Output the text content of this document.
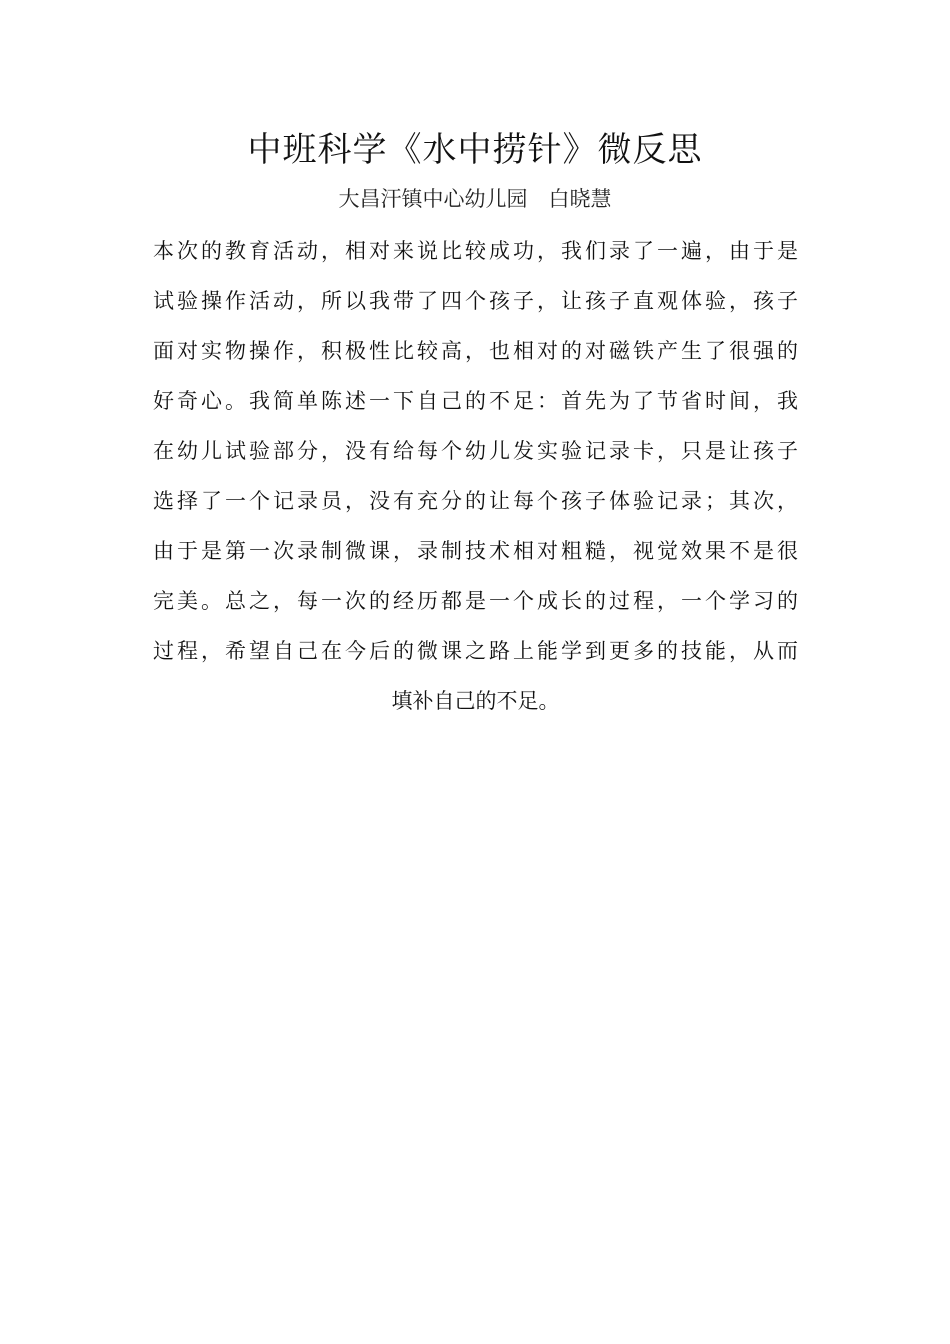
中班科学《水中捞针》微反思
大昌汗镇中心幼儿园　白晓慧
本次的教育活动，相对来说比较成功，我们录了一遍，由于是
试验操作活动，所以我带了四个孩子，让孩子直观体验，孩子
面对实物操作，积极性比较高，也相对的对磁铁产生了很强的
好奇心。我简单陈述一下自己的不足：首先为了节省时间，我
在幼儿试验部分，没有给每个幼儿发实验记录卡，只是让孩子
选择了一个记录员，没有充分的让每个孩子体验记录；其次，
由于是第一次录制微课，录制技术相对粗糙，视觉效果不是很
完美。总之，每一次的经历都是一个成长的过程，一个学习的
过程，希望自己在今后的微课之路上能学到更多的技能，从而
填补自己的不足。
